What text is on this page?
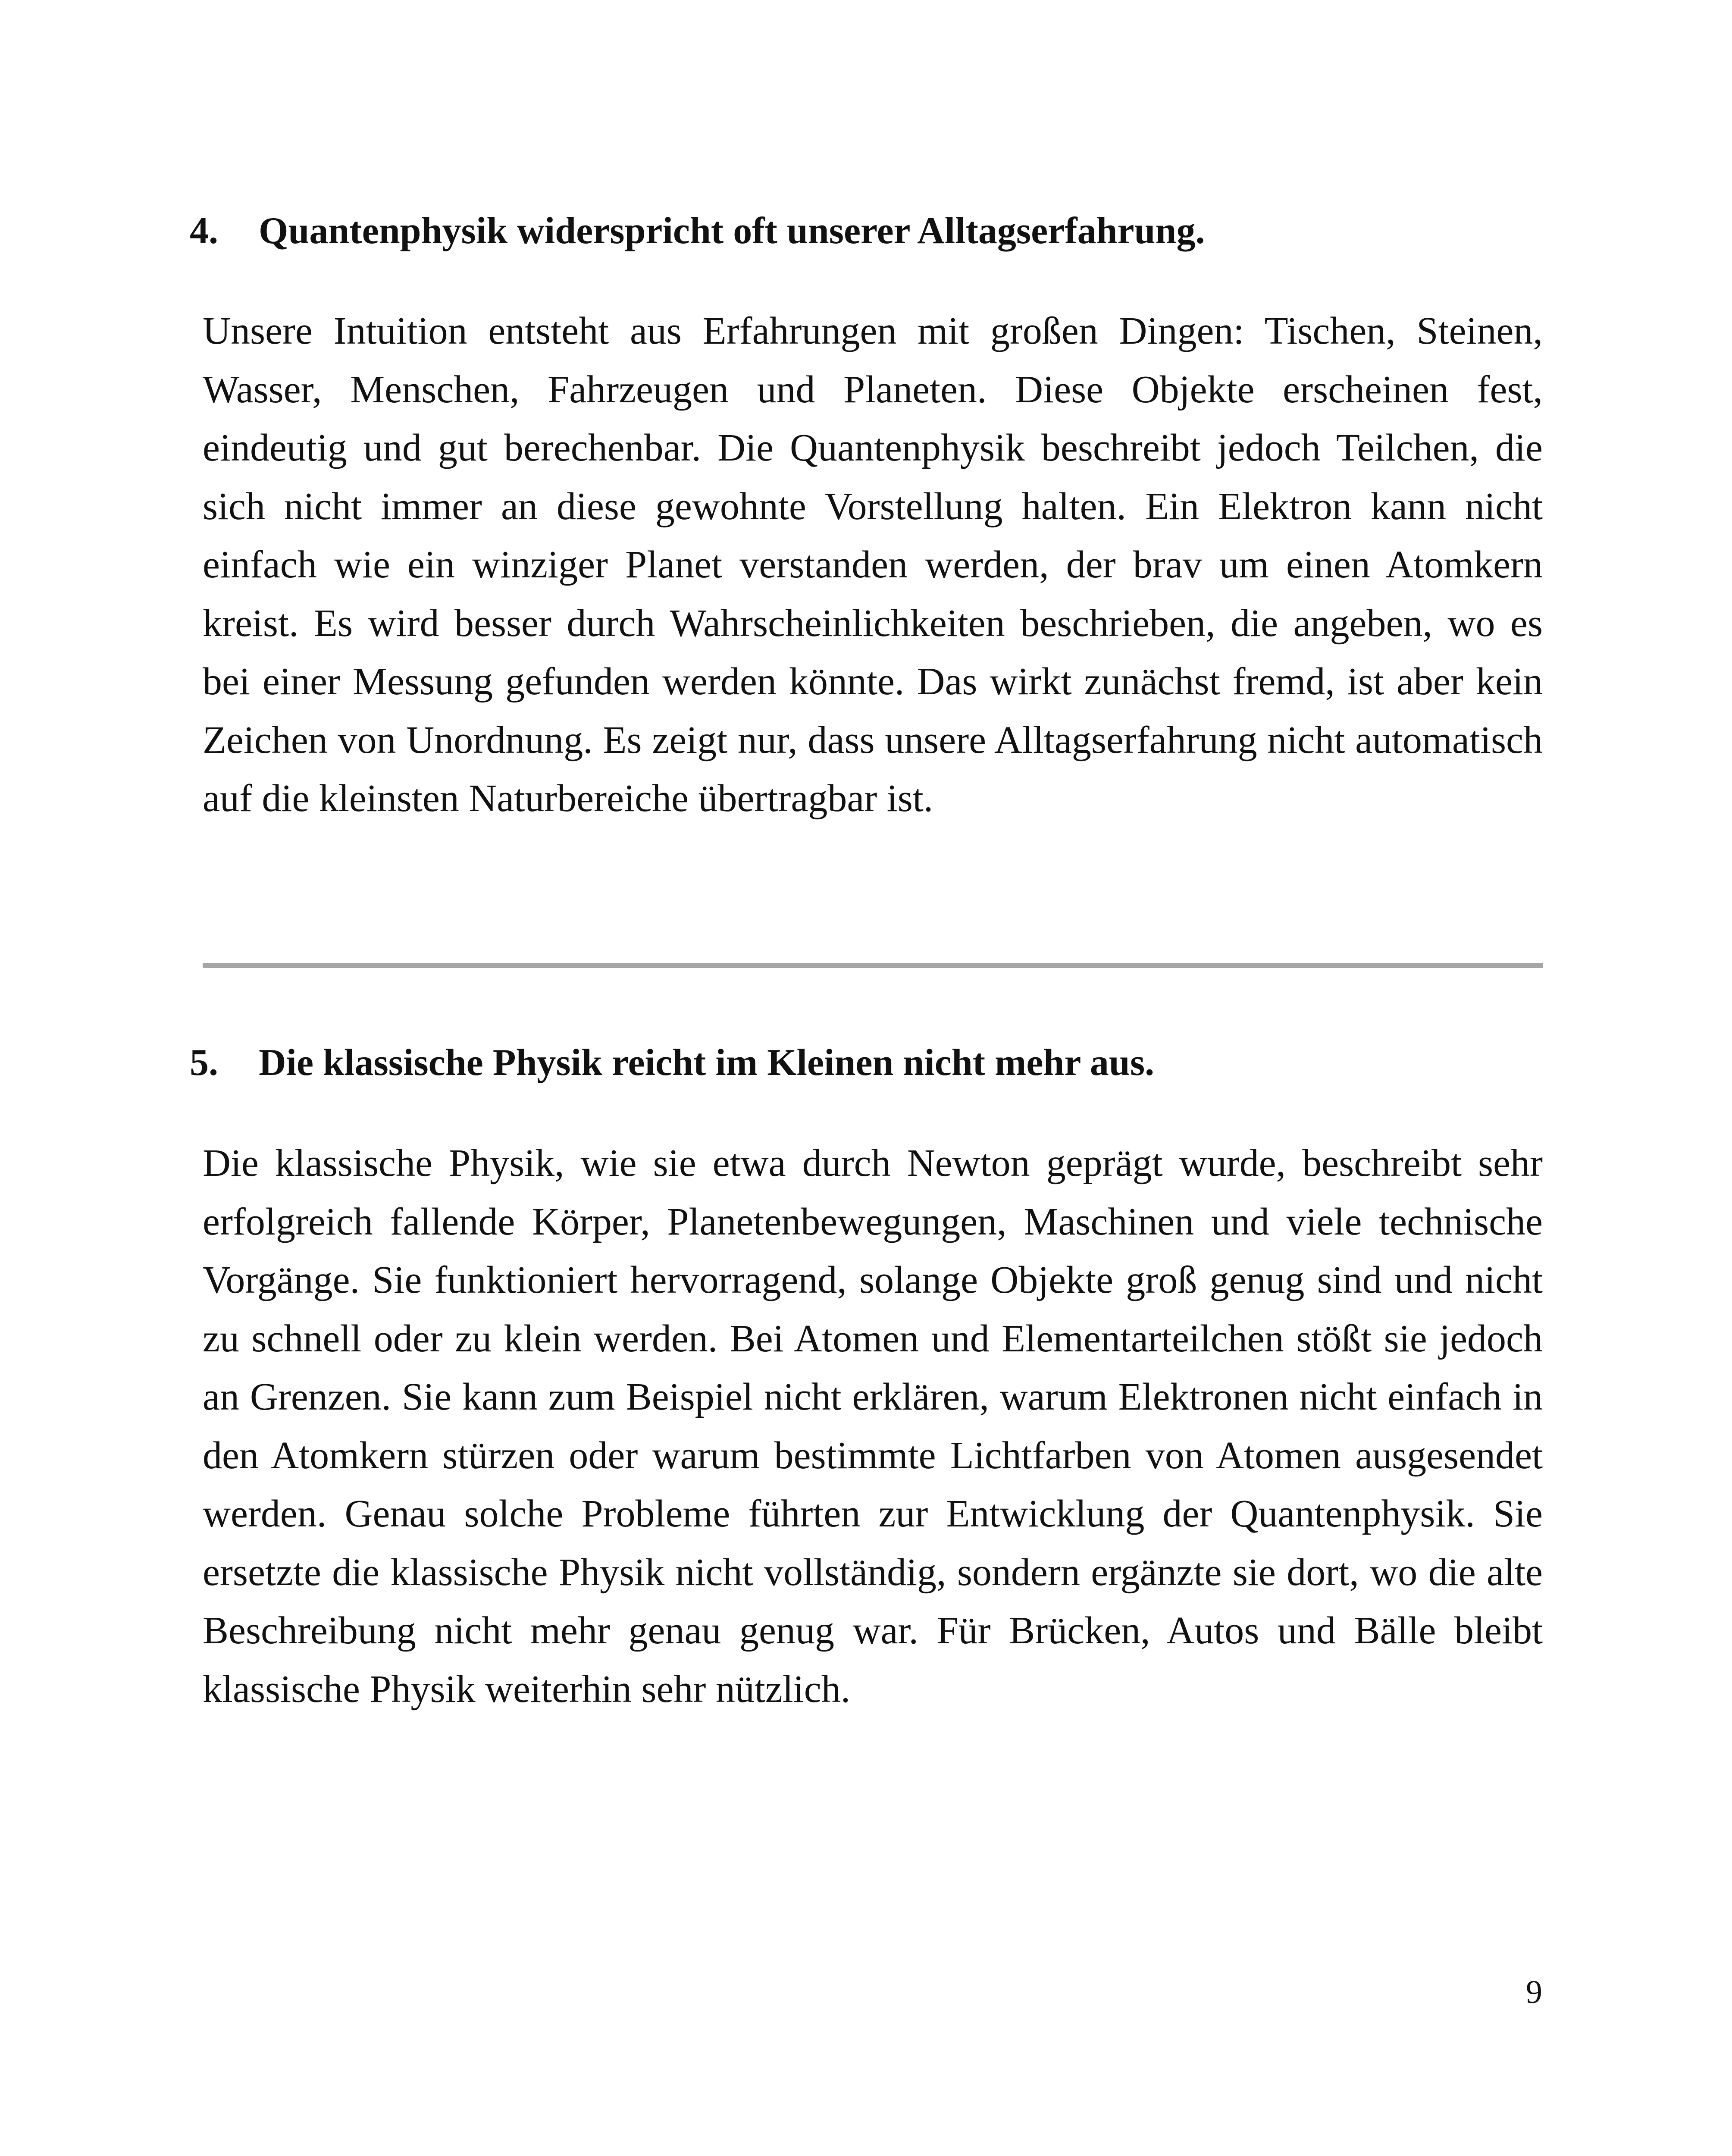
4. Quantenphysik widerspricht oft unserer Alltagserfahrung.

Unsere Intuition entsteht aus Erfahrungen mit großen Dingen: Tischen, Steinen, Wasser, Menschen, Fahrzeugen und Planeten. Diese Objekte erscheinen fest, eindeutig und gut berechenbar. Die Quantenphysik beschreibt jedoch Teilchen, die sich nicht immer an diese gewohnte Vorstellung halten. Ein Elektron kann nicht einfach wie ein winziger Planet verstanden werden, der brav um einen Atomkern kreist. Es wird besser durch Wahrscheinlichkeiten beschrieben, die angeben, wo es bei einer Messung gefunden werden könnte. Das wirkt zunächst fremd, ist aber kein Zeichen von Unordnung. Es zeigt nur, dass unsere Alltagserfahrung nicht automatisch auf die kleinsten Naturbereiche übertragbar ist.

5. Die klassische Physik reicht im Kleinen nicht mehr aus.

Die klassische Physik, wie sie etwa durch Newton geprägt wurde, beschreibt sehr erfolgreich fallende Körper, Planetenbewegungen, Maschinen und viele technische Vorgänge. Sie funktioniert hervorragend, solange Objekte groß genug sind und nicht zu schnell oder zu klein werden. Bei Atomen und Elementarteilchen stößt sie jedoch an Grenzen. Sie kann zum Beispiel nicht erklären, warum Elektronen nicht einfach in den Atomkern stürzen oder warum bestimmte Lichtfarben von Atomen ausgesendet werden. Genau solche Probleme führten zur Entwicklung der Quantenphysik. Sie ersetzte die klassische Physik nicht vollständig, sondern ergänzte sie dort, wo die alte Beschreibung nicht mehr genau genug war. Für Brücken, Autos und Bälle bleibt klassische Physik weiterhin sehr nützlich.

9
